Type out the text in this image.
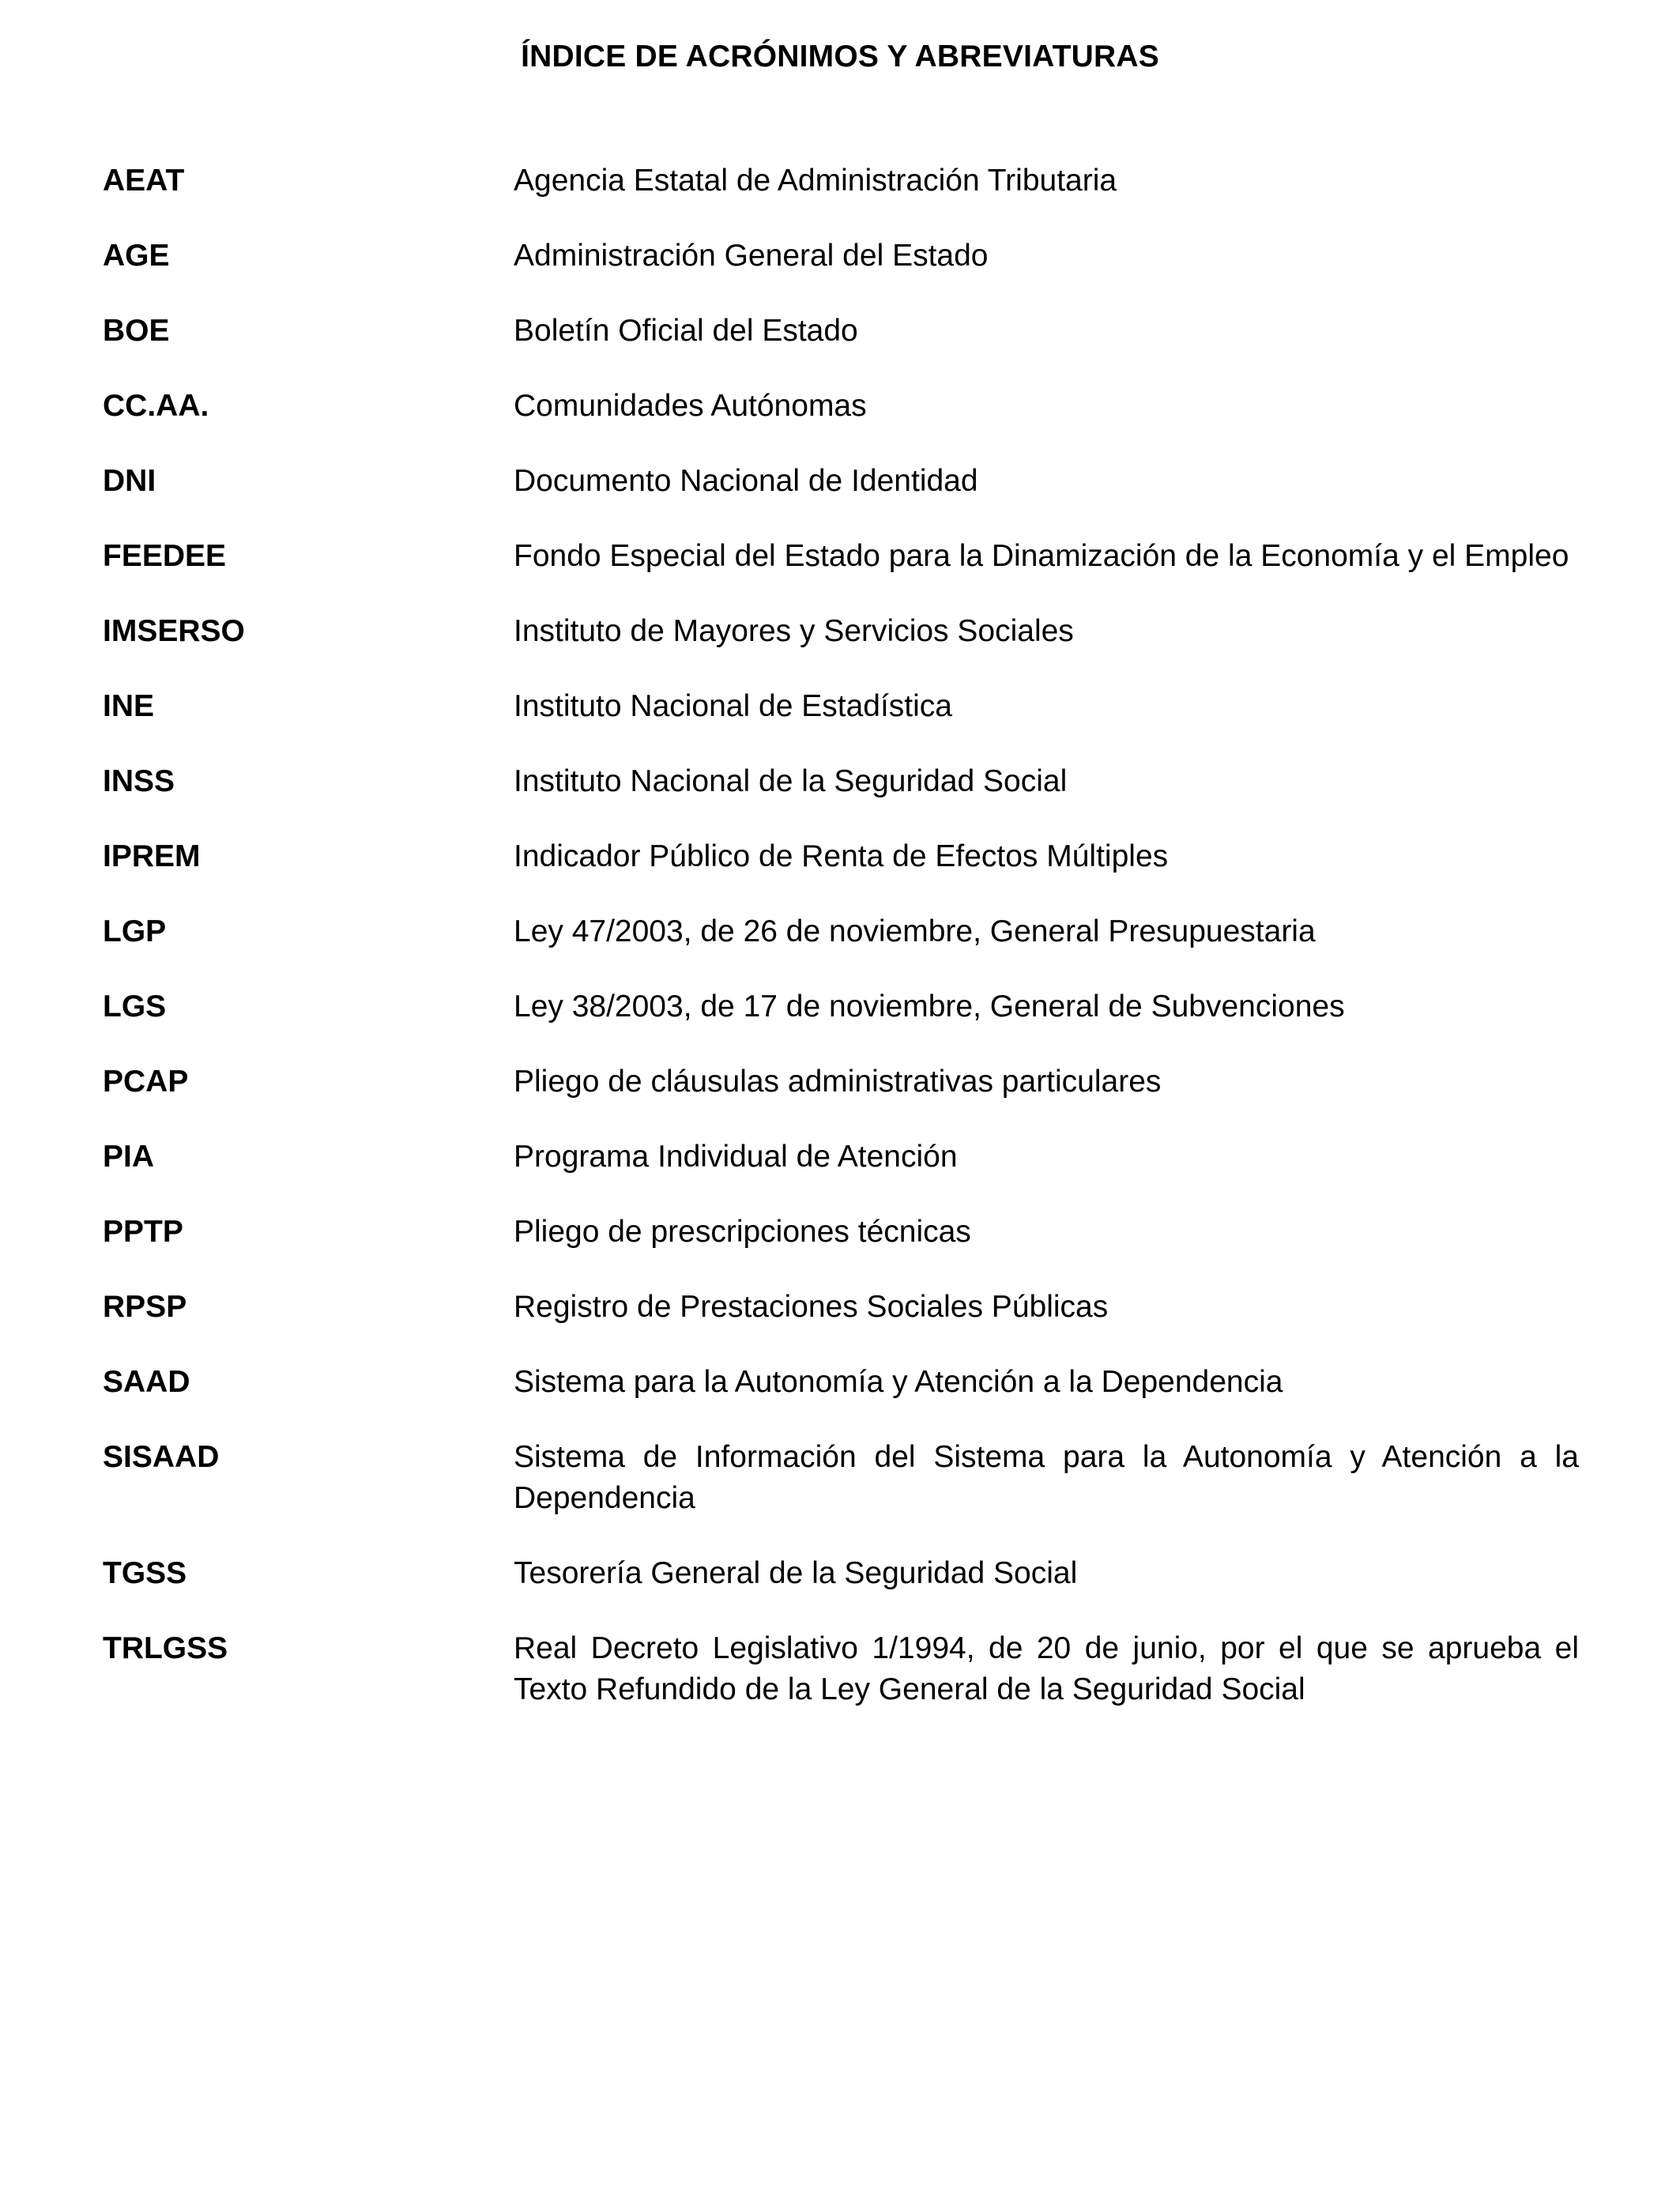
ÍNDICE DE ACRÓNIMOS Y ABREVIATURAS
AEAT	Agencia Estatal de Administración Tributaria
AGE	Administración General del Estado
BOE	Boletín Oficial del Estado
CC.AA.	Comunidades Autónomas
DNI	Documento Nacional de Identidad
FEEDEE	Fondo Especial del Estado para la Dinamización de la Economía y el Empleo
IMSERSO	Instituto de Mayores y Servicios Sociales
INE	Instituto Nacional de Estadística
INSS	Instituto Nacional de la Seguridad Social
IPREM	Indicador Público de Renta de Efectos Múltiples
LGP	Ley 47/2003, de 26 de noviembre, General Presupuestaria
LGS	Ley 38/2003, de 17 de noviembre, General de Subvenciones
PCAP	Pliego de cláusulas administrativas particulares
PIA	Programa Individual de Atención
PPTP	Pliego de prescripciones técnicas
RPSP	Registro de Prestaciones Sociales Públicas
SAAD	Sistema para la Autonomía y Atención a la Dependencia
SISAAD	Sistema de Información del Sistema para la Autonomía y Atención a la Dependencia
TGSS	Tesorería General de la Seguridad Social
TRLGSS	Real Decreto Legislativo 1/1994, de 20 de junio, por el que se aprueba el Texto Refundido de la Ley General de la Seguridad Social
